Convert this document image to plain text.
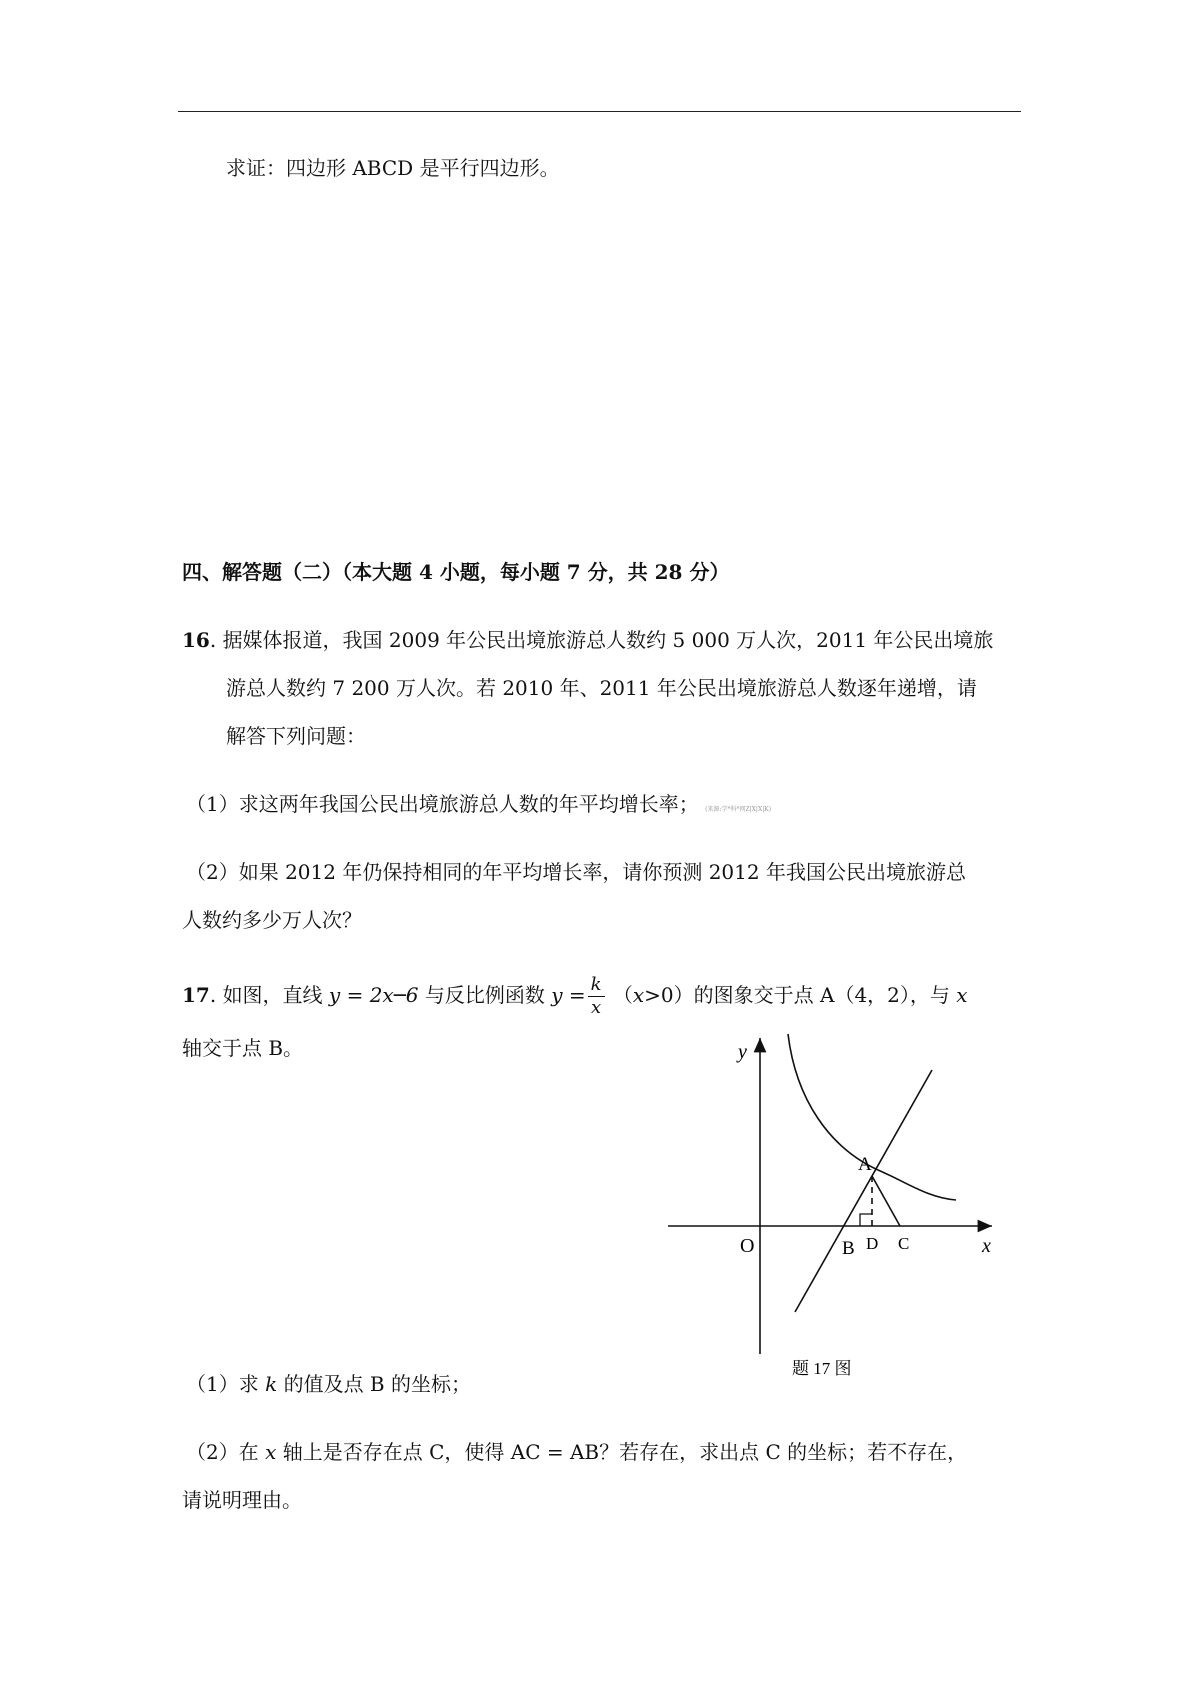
求证：四边形 ABCD 是平行四边形。
四、解答题（二）（本大题 4 小题，每小题 7 分，共 28 分）
16. 据媒体报道，我国 2009 年公民出境旅游总人数约 5 000 万人次，2011 年公民出境旅
游总人数约 7 200 万人次。若 2010 年、2011 年公民出境旅游总人数逐年递增，请
解答下列问题：
（1）求这两年我国公民出境旅游总人数的年平均增长率； (来源:学*科*网Z|X|X|K)
（2）如果 2012 年仍保持相同的年平均增长率，请你预测 2012 年我国公民出境旅游总
人数约多少万人次？
17. 如图，直线 y = 2x─6 与反比例函数 $y = \frac{k}{x} (x>0)$的图象交于点 A（4，2），与 x
轴交于点 B。	y
x
O
A
B D C
题 17 图
（1）求 k 的值及点 B 的坐标；
（2）在 x 轴上是否存在点 C，使得 AC = AB？若存在，求出点 C 的坐标；若不存在，
请说明理由。
